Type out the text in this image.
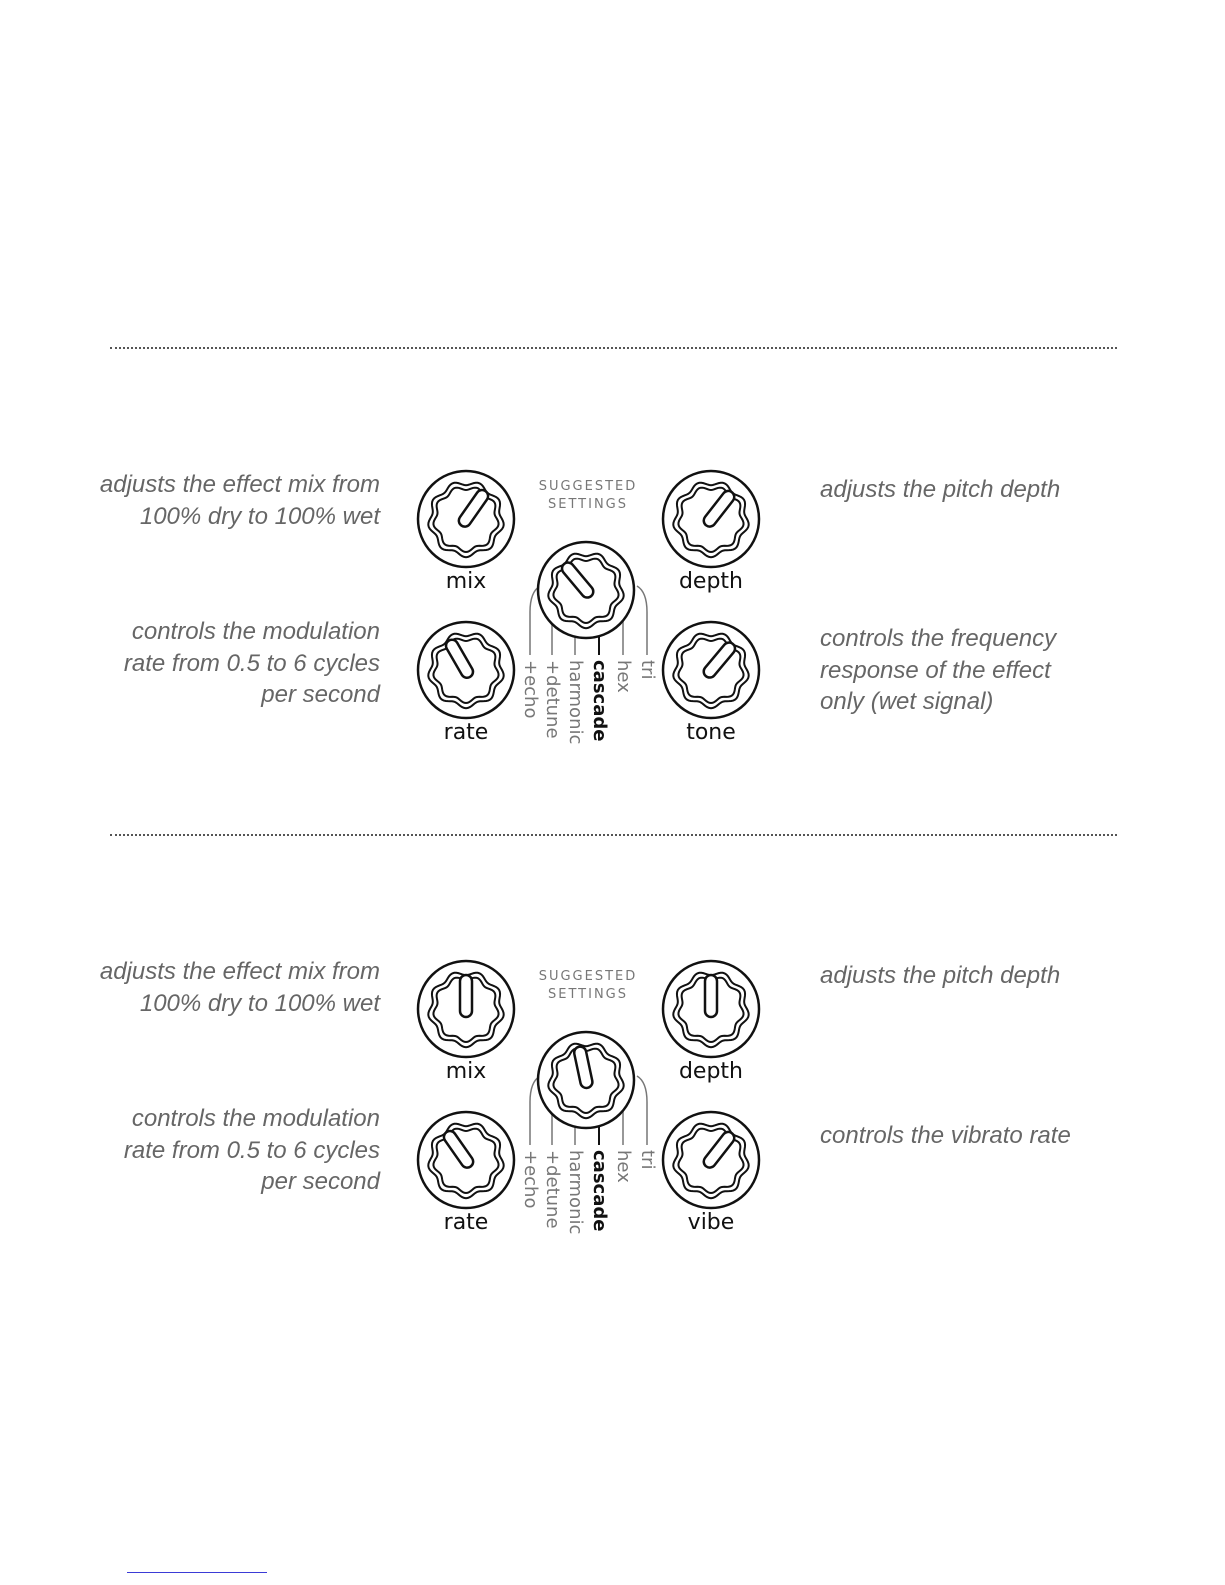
adjusts the effect mix from 100% dry to 100% wet

controls the modulation rate from 0.5 to 6 cycles per second

adjusts the pitch depth

controls the frequency response of the effect only (wet signal)

mix	depth
rate	tone
SUGGESTED
SETTINGS
+echo +detune harmonic cascade hex tri

adjusts the effect mix from 100% dry to 100% wet

controls the modulation rate from 0.5 to 6 cycles per second

adjusts the pitch depth

controls the vibrato rate

mix	depth
rate	vibe
SUGGESTED
SETTINGS
+echo +detune harmonic cascade hex tri
